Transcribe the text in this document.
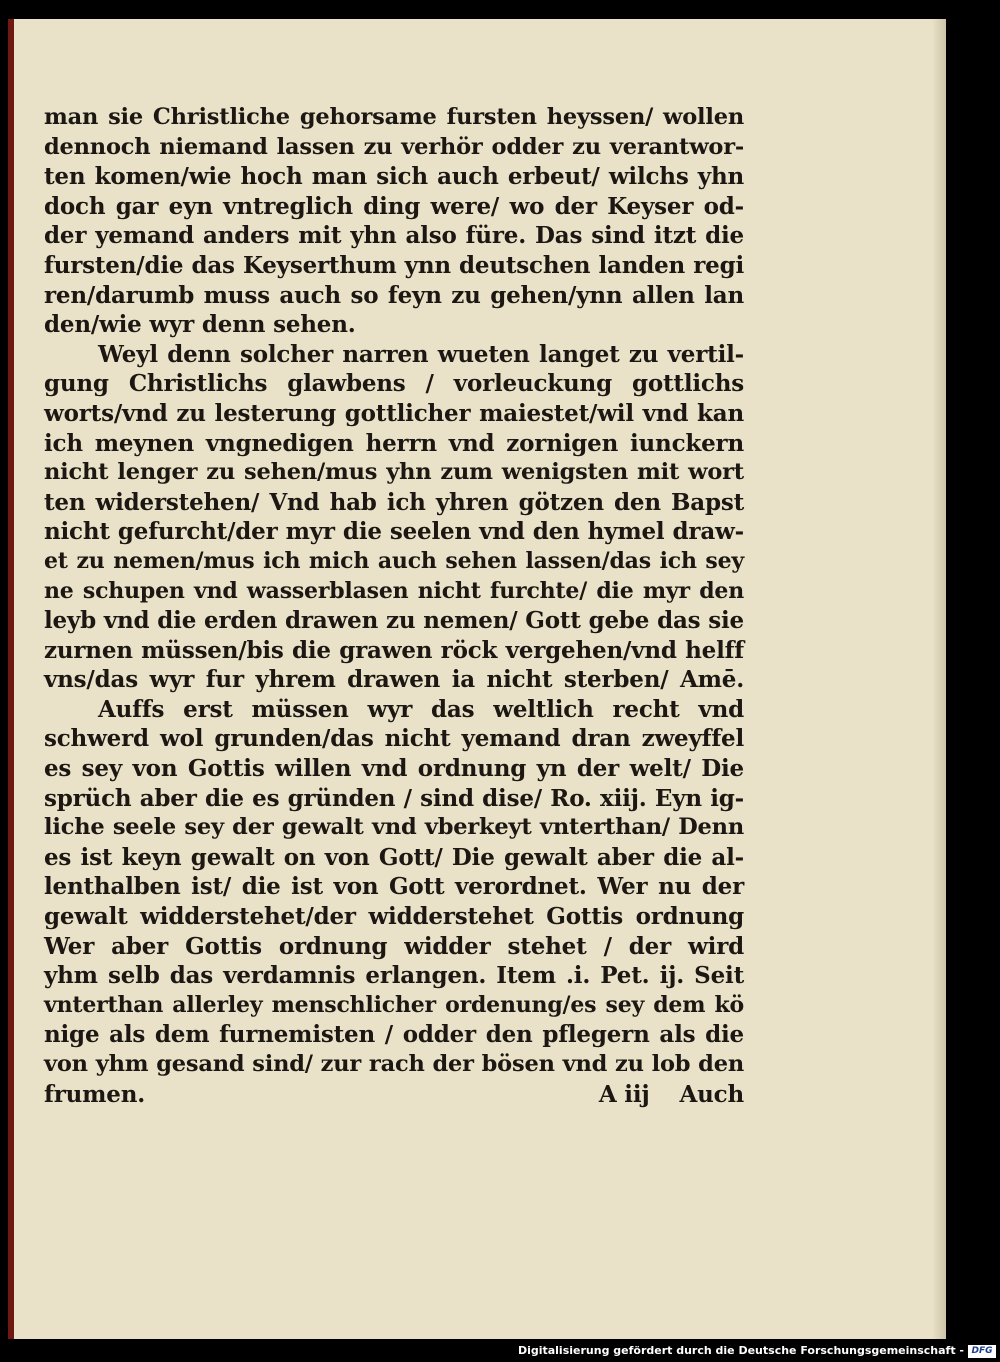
man sie Christliche gehorsame fursten heyssen/ wollen
dennoch niemand lassen zu verhör odder zu verantwor-
ten komen/wie hoch man sich auch erbeut/ wilchs yhn
doch gar eyn vntreglich ding were/ wo der Keyser od-
der yemand anders mit yhn also füre. Das sind itzt die
fursten/die das Keyserthum ynn deutschen landen regi
ren/darumb muss auch so feyn zu gehen/ynn allen lan
den/wie wyr denn sehen.
Weyl denn solcher narren wueten langet zu vertil-
gung Christlichs glawbens / vorleuckung gottlichs
worts/vnd zu lesterung gottlicher maiestet/wil vnd kan
ich meynen vngnedigen herrn vnd zornigen iunckern
nicht lenger zu sehen/mus yhn zum wenigsten mit wort
ten widerstehen/ Vnd hab ich yhren götzen den Bapst
nicht gefurcht/der myr die seelen vnd den hymel draw-
et zu nemen/mus ich mich auch sehen lassen/das ich sey
ne schupen vnd wasserblasen nicht furchte/ die myr den
leyb vnd die erden drawen zu nemen/ Gott gebe das sie
zurnen müssen/bis die grawen röck vergehen/vnd helff
vns/das wyr fur yhrem drawen ia nicht sterben/ Amē.
Auffs erst müssen wyr das weltlich recht vnd
schwerd wol grunden/das nicht yemand dran zweyffel
es sey von Gottis willen vnd ordnung yn der welt/ Die
sprüch aber die es gründen / sind dise/ Ro. xiij. Eyn ig-
liche seele sey der gewalt vnd vberkeyt vnterthan/ Denn
es ist keyn gewalt on von Gott/ Die gewalt aber die al-
lenthalben ist/ die ist von Gott verordnet. Wer nu der
gewalt widderstehet/der widderstehet Gottis ordnung
Wer aber Gottis ordnung widder stehet / der wird
yhm selb das verdamnis erlangen. Item .i. Pet. ij. Seit
vnterthan allerley menschlicher ordenung/es sey dem kö
nige als dem furnemisten / odder den pflegern als die
von yhm gesand sind/ zur rach der bösen vnd zu lob den
frumen.	A iij Auch
Digitalisierung gefördert durch die Deutsche Forschungsgemeinschaft - DFG
